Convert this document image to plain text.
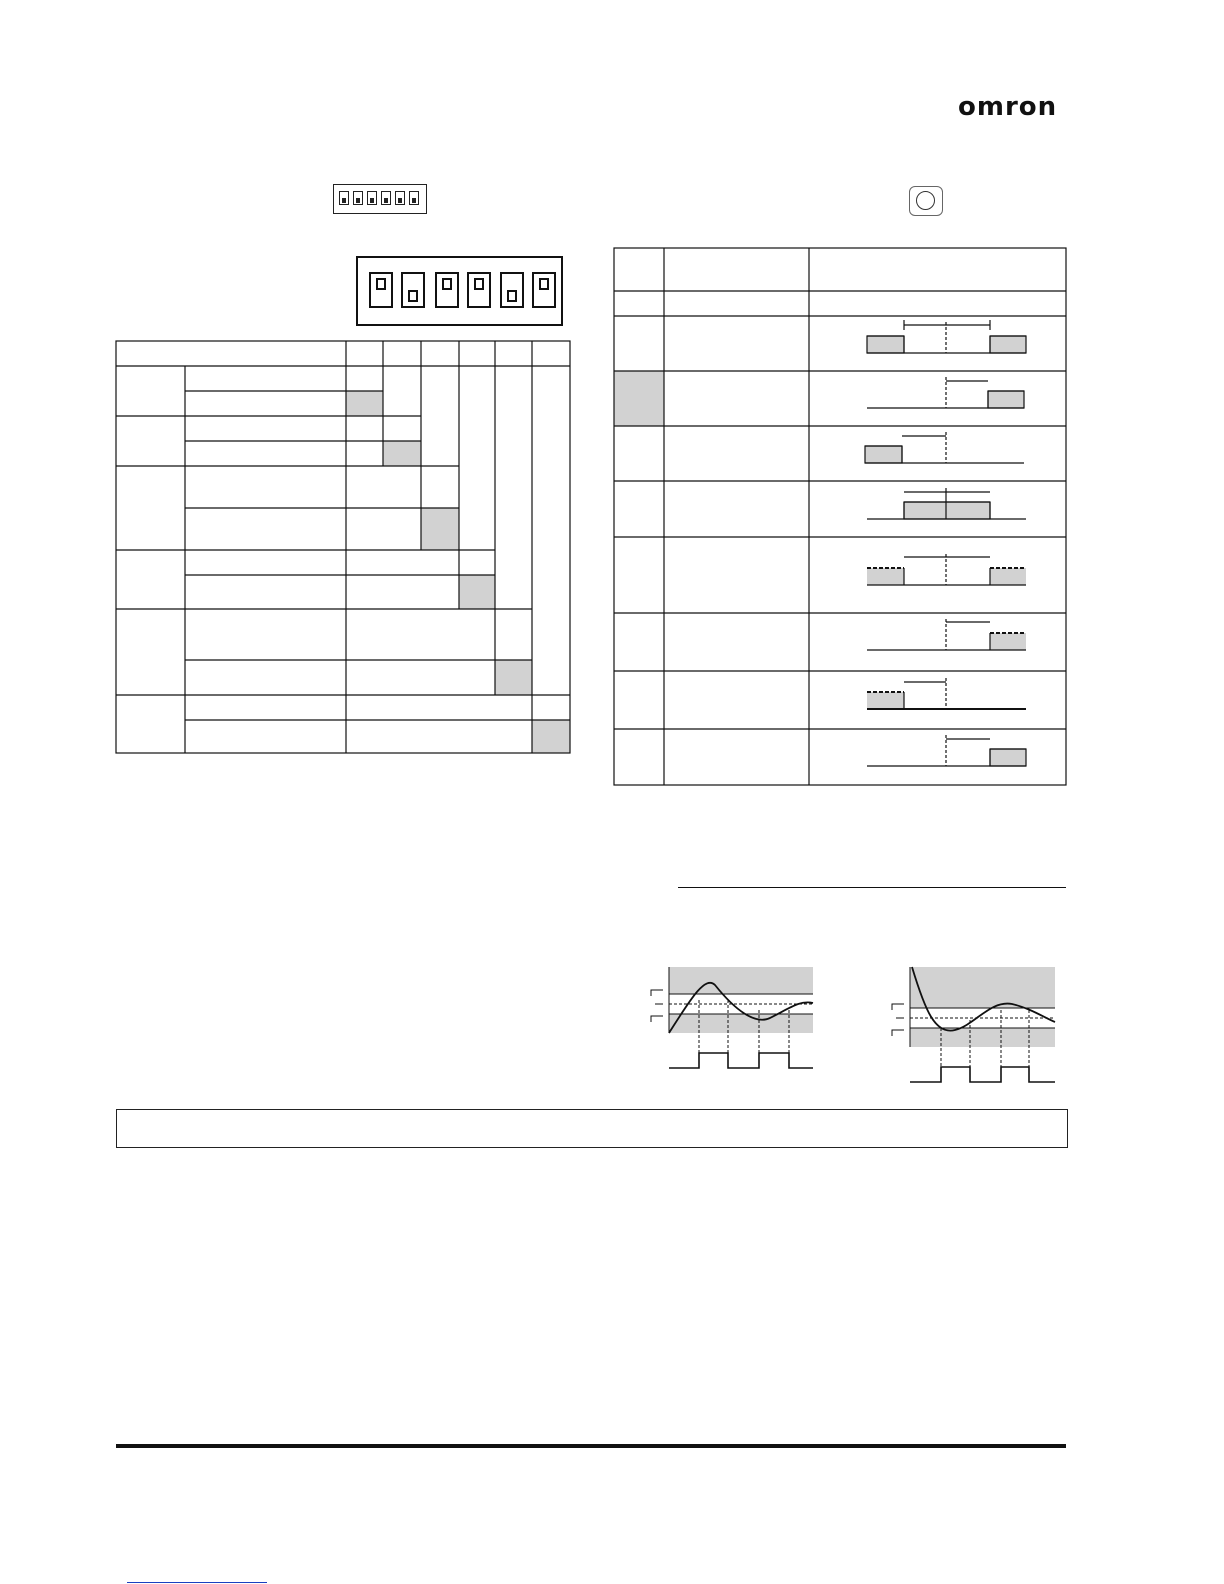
omron
